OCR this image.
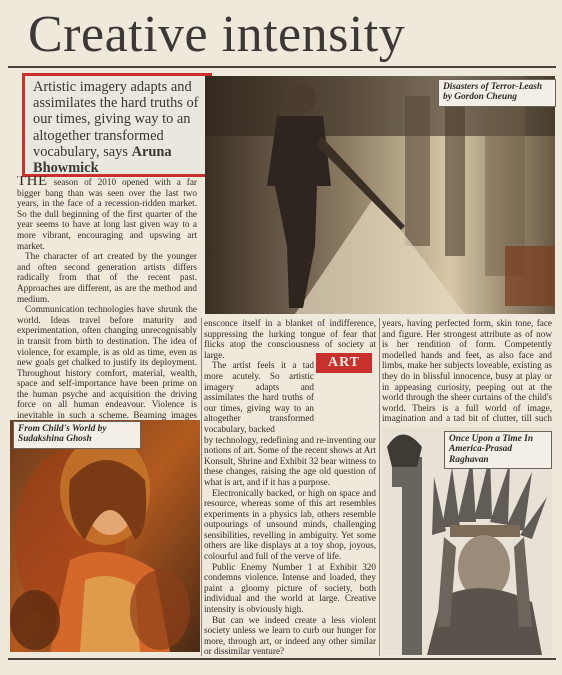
Creative intensity
Artistic imagery adapts and assimilates the hard truths of our times, giving way to an altogether transformed vocabulary, says Aruna Bhowmick

THE season of 2010 opened with a far bigger bang than was seen over the last two years, in the face of a recession-ridden market. So the dull beginning of the first quarter of the year seems to have at long last given way to a more vibrant, encouraging and upswing art market.

The character of art created by the younger and often second generation artists differs radically from that of the recent past. Approaches are different, as are the method and medium.

Communication technologies have shrunk the world. Ideas travel before maturity and experimentation, often changing unrecognisably in transit from birth to destination. The idea of violence, for example, is as old as time, even as new goals get chalked to justify its deployment. Throughout history comfort, material, wealth, space and self-importance have been prime on the human psyche and acquisition the driving force on all human endeavour. Violence is inevitable in such a scheme. Beaming images

From Child's World by Sudakshina Ghosh
Disasters of Terror-Leash by Gordon Cheung

ensconce itself in a blanket of indifference, suppressing the lurking tongue of fear that flicks atop the consciousness of society at large.

The artist feels it a tad more acutely. So artistic imagery adapts and assimilates the hard truths of our times, giving way to an altogether transformed vocabulary, backed
by technology, redefining and re-inventing our notions of art. Some of the recent shows at Art Konsult, Shrine and Exhibit 32 bear witness to these changes, raising the age old question of what is art, and if it has a purpose.

Electronically backed, or high on space and resource, whereas some of this art resembles experiments in a physics lab, others resemble outpourings of unsound minds, challenging sensibilities, revelling in ambiguity. Yet some others are like displays at a toy shop, joyous, colourful and full of the verve of life.

Public Enemy Number 1 at Exhibit 320 condemns violence. Intense and loaded, they paint a gloomy picture of society, both individual and the world at large. Creative intensity is obviously high.

But can we indeed create a less violent society unless we learn to curb our hunger for more, through art, or indeed any other similar or dissimilar venture?

ART

years, having perfected form, skin tone, face and figure. Her strongest attribute as of now is her rendition of form. Competently modelled hands and feet, as also face and limbs, make her subjects loveable, existing as they do in blissful innocence, busy at play or in appeasing curiosity, peeping out at the world through the sheer curtains of the child's world. Theirs is a full world of image, imagination and a tad bit of clutter, till such

Once Upon a Time In America-Prasad Raghavan
